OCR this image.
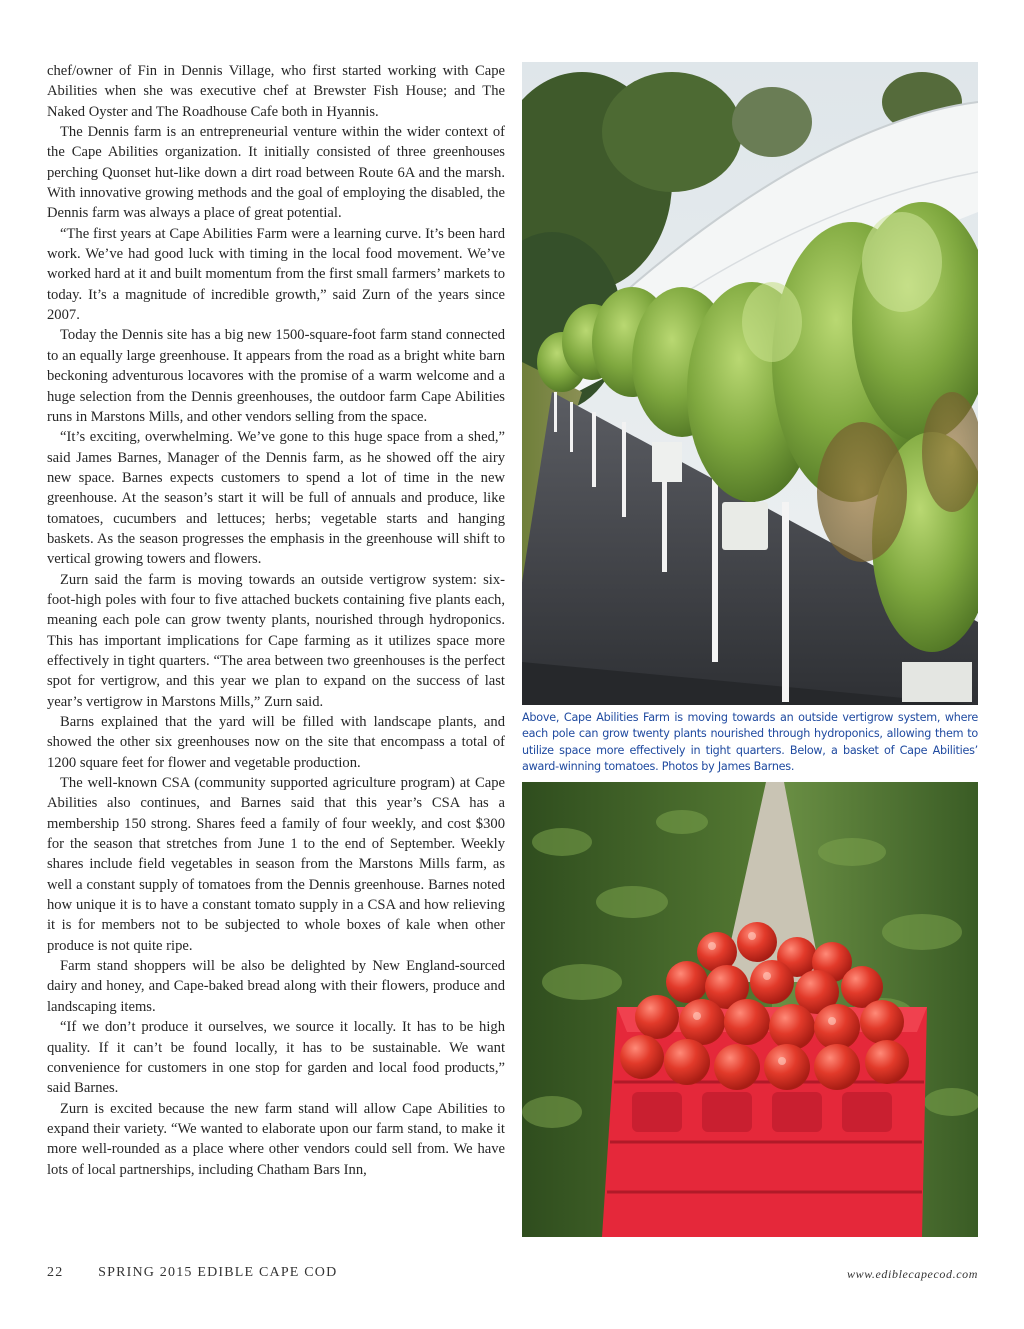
chef/owner of Fin in Dennis Village, who first started working with Cape Abilities when she was executive chef at Brewster Fish House; and The Naked Oyster and The Roadhouse Cafe both in Hyannis.

The Dennis farm is an entrepreneurial venture within the wider context of the Cape Abilities organization. It initially consisted of three greenhouses perching Quonset hut-like down a dirt road between Route 6A and the marsh. With innovative growing methods and the goal of employing the disabled, the Dennis farm was always a place of great potential.

“The first years at Cape Abilities Farm were a learning curve. It’s been hard work. We’ve had good luck with timing in the local food movement. We’ve worked hard at it and built momentum from the first small farmers’ markets to today. It’s a magnitude of incredible growth,” said Zurn of the years since 2007.

Today the Dennis site has a big new 1500-square-foot farm stand connected to an equally large greenhouse. It appears from the road as a bright white barn beckoning adventurous locavores with the promise of a warm welcome and a huge selection from the Dennis greenhouses, the outdoor farm Cape Abilities runs in Marstons Mills, and other vendors selling from the space.

“It’s exciting, overwhelming. We’ve gone to this huge space from a shed,” said James Barnes, Manager of the Dennis farm, as he showed off the airy new space. Barnes expects customers to spend a lot of time in the new greenhouse. At the season’s start it will be full of annuals and produce, like tomatoes, cucumbers and lettuces; herbs; vegetable starts and hanging baskets. As the season progresses the emphasis in the greenhouse will shift to vertical growing towers and flowers.

Zurn said the farm is moving towards an outside vertigrow system: six-foot-high poles with four to five attached buckets containing five plants each, meaning each pole can grow twenty plants, nourished through hydroponics. This has important implications for Cape farming as it utilizes space more effectively in tight quarters. “The area between two greenhouses is the perfect spot for vertigrow, and this year we plan to expand on the success of last year’s vertigrow in Marstons Mills,” Zurn said.

Barns explained that the yard will be filled with landscape plants, and showed the other six greenhouses now on the site that encompass a total of 1200 square feet for flower and vegetable production.

The well-known CSA (community supported agriculture program) at Cape Abilities also continues, and Barnes said that this year’s CSA has a membership 150 strong. Shares feed a family of four weekly, and cost $300 for the season that stretches from June 1 to the end of September. Weekly shares include field vegetables in season from the Marstons Mills farm, as well a constant supply of tomatoes from the Dennis greenhouse. Barnes noted how unique it is to have a constant tomato supply in a CSA and how relieving it is for members not to be subjected to whole boxes of kale when other produce is not quite ripe.

Farm stand shoppers will be also be delighted by New England-sourced dairy and honey, and Cape-baked bread along with their flowers, produce and landscaping items.

“If we don’t produce it ourselves, we source it locally. It has to be high quality. If it can’t be found locally, it has to be sustainable. We want convenience for customers in one stop for garden and local food products,” said Barnes.

Zurn is excited because the new farm stand will allow Cape Abilities to expand their variety. “We wanted to elaborate upon our farm stand, to make it more well-rounded as a place where other vendors could sell from. We have lots of local partnerships, including Chatham Bars Inn,

Above, Cape Abilities Farm is moving towards an outside vertigrow system, where each pole can grow twenty plants nourished through hydroponics, allowing them to utilize space more effectively in tight quarters. Below, a basket of Cape Abilities’ award-winning tomatoes. Photos by James Barnes.
22 SPRING 2015 EDIBLE CAPE COD	www.ediblecapecod.com
